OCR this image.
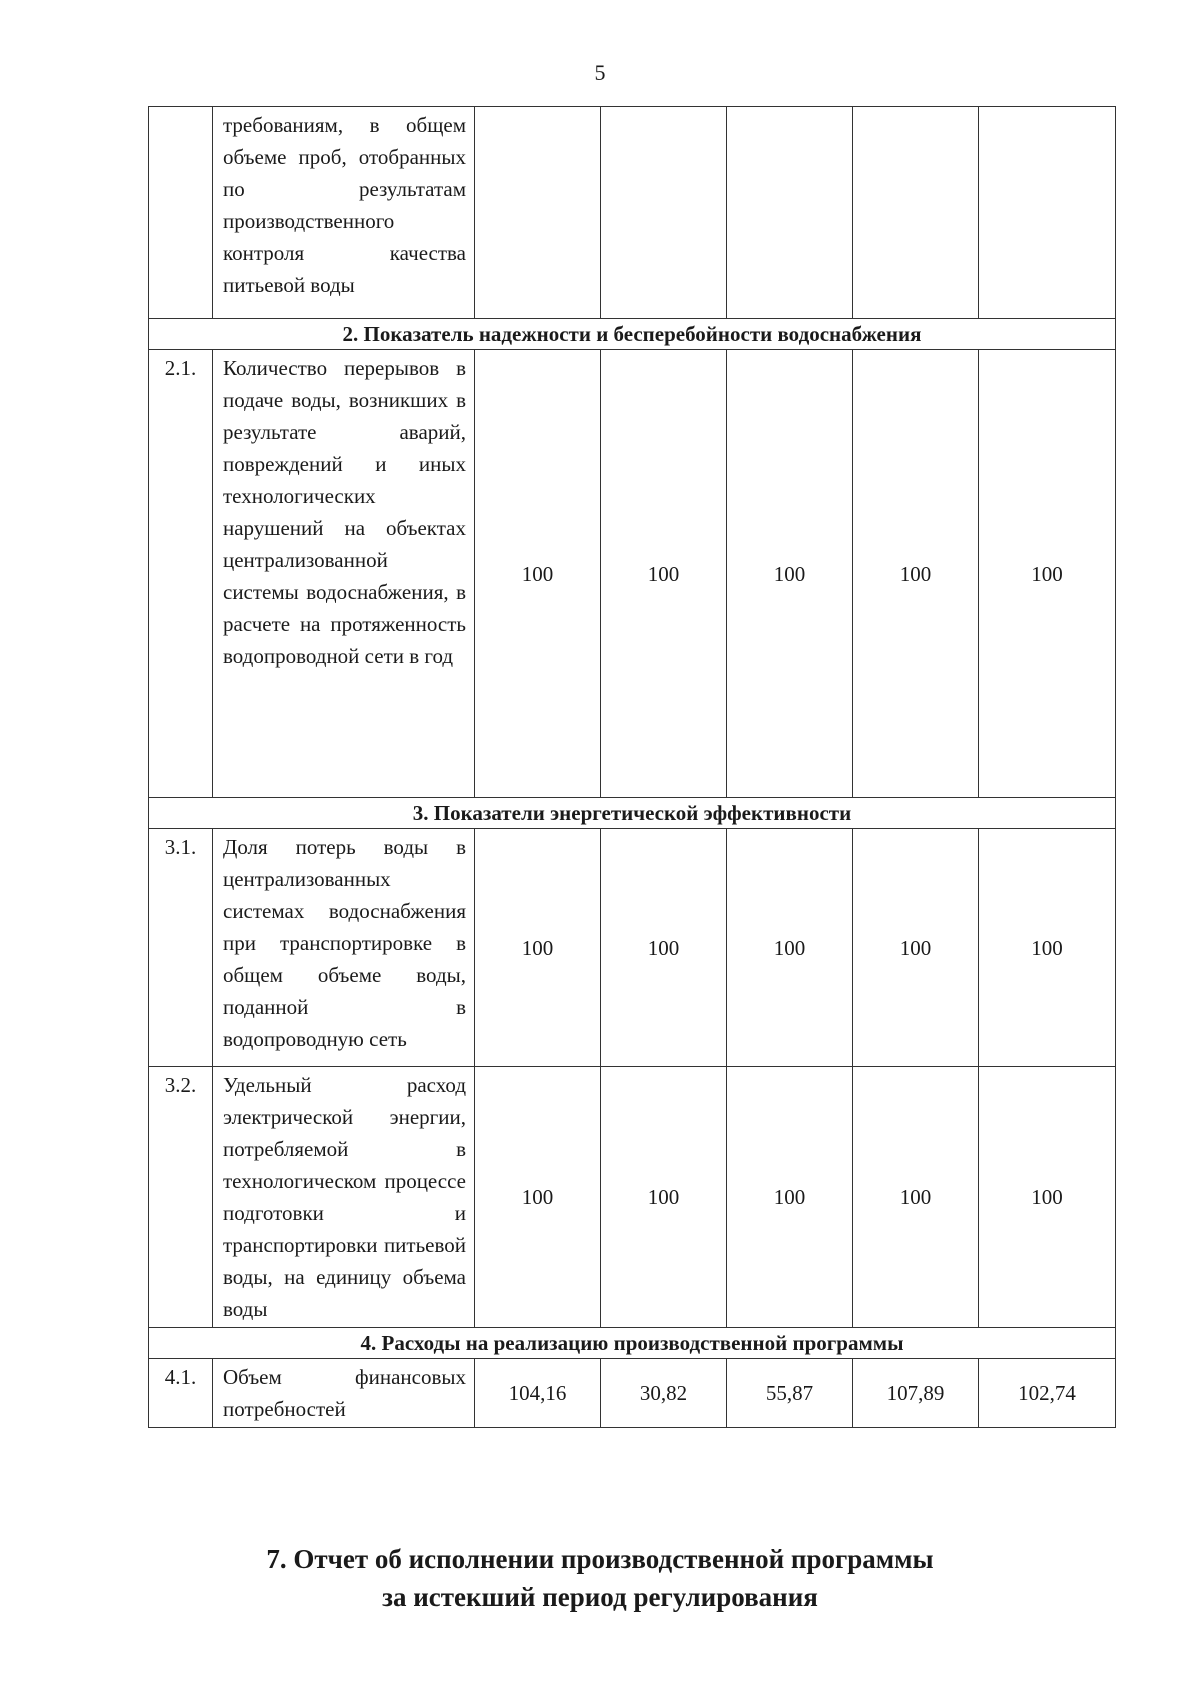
5
	требованиям, в общем объеме проб, отобранных по результатам производственного контроля качества питьевой воды					
2. Показатель надежности и бесперебойности водоснабжения						
2.1.	Количество перерывов в подаче воды, возникших в результате аварий, повреждений и иных технологических нарушений на объектах централизованной системы водоснабжения, в расчете на протяженность водопроводной сети в год	100	100	100	100	100
3. Показатели энергетической эффективности						
3.1.	Доля потерь воды в централизованных системах водоснабжения при транспортировке в общем объеме воды, поданной в водопроводную сеть	100	100	100	100	100
3.2.	Удельный расход электрической энергии, потребляемой в технологическом процессе подготовки и транспортировки питьевой воды, на единицу объема воды	100	100	100	100	100
4. Расходы на реализацию производственной программы						
4.1.	Объем финансовых потребностей	104,16	30,82	55,87	107,89	102,74
7. Отчет об исполнении производственной программы
за истекший период регулирования
